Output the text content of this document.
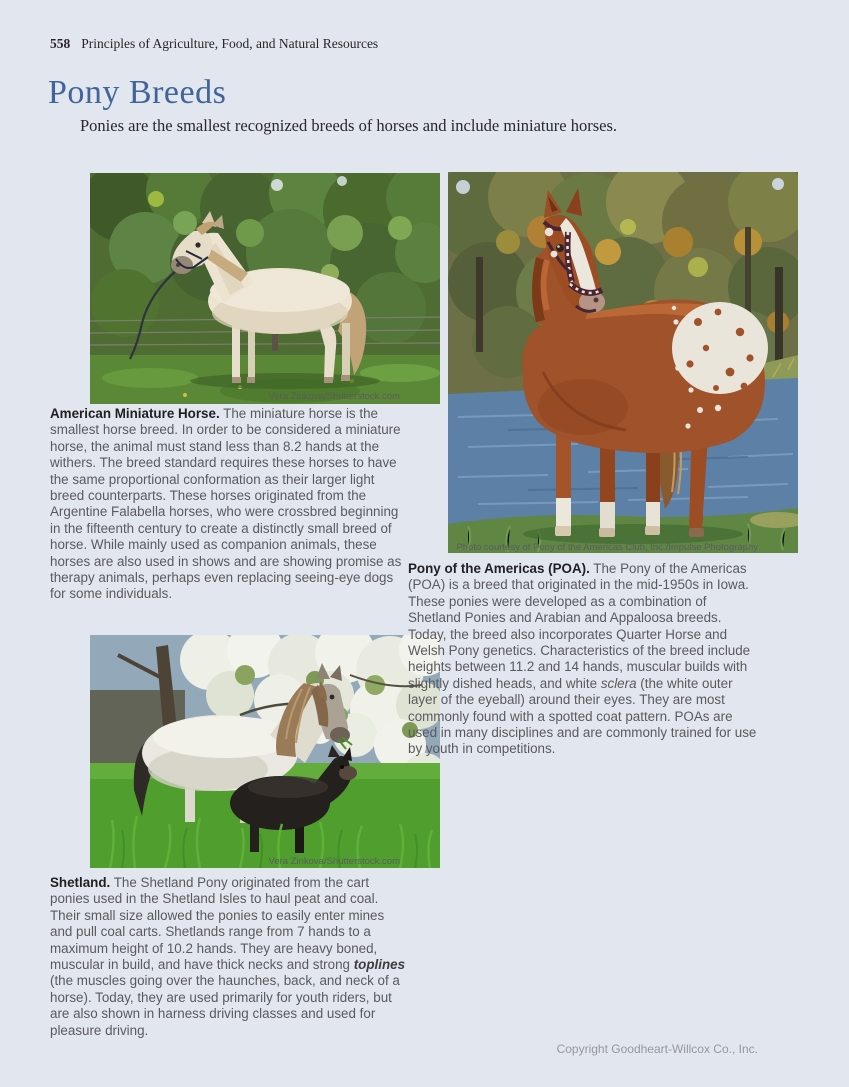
558 Principles of Agriculture, Food, and Natural Resources
Pony Breeds

Ponies are the smallest recognized breeds of horses and include miniature horses.

Vera Zinkova/Shutterstock.com

American Miniature Horse. The miniature horse is the smallest horse breed. In order to be considered a miniature horse, the animal must stand less than 8.2 hands at the withers. The breed standard requires these horses to have the same proportional conformation as their larger light breed counterparts. These horses originated from the Argentine Falabella horses, who were crossbred beginning in the fifteenth century to create a distinctly small breed of horse. While mainly used as companion animals, these horses are also used in shows and are showing promise as therapy animals, perhaps even replacing seeing-eye dogs for some individuals.

Vera Zinkova/Shutterstock.com

Shetland. The Shetland Pony originated from the cart ponies used in the Shetland Isles to haul peat and coal. Their small size allowed the ponies to easily enter mines and pull coal carts. Shetlands range from 7 hands to a maximum height of 10.2 hands. They are heavy boned, muscular in build, and have thick necks and strong toplines (the muscles going over the haunches, back, and neck of a horse). Today, they are used primarily for youth riders, but are also shown in harness driving classes and used for pleasure driving.

Photo courtesy of Pony of the Americas Club, Inc./Impulse Photography

Pony of the Americas (POA). The Pony of the Americas (POA) is a breed that originated in the mid-1950s in Iowa. These ponies were developed as a combination of Shetland Ponies and Arabian and Appaloosa breeds. Today, the breed also incorporates Quarter Horse and Welsh Pony genetics. Characteristics of the breed include heights between 11.2 and 14 hands, muscular builds with slightly dished heads, and white sclera (the white outer layer of the eyeball) around their eyes. They are most commonly found with a spotted coat pattern. POAs are used in many disciplines and are commonly trained for use by youth in competitions.

Copyright Goodheart-Willcox Co., Inc.
